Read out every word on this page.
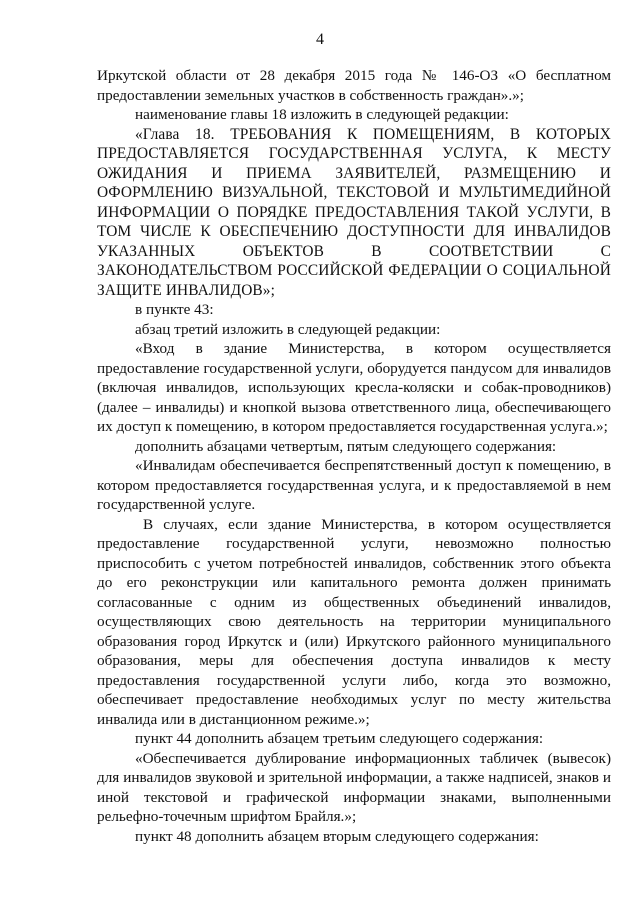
4

Иркутской области от 28 декабря 2015 года № 146-ОЗ «О бесплатном предоставлении земельных участков в собственность граждан».»;

наименование главы 18 изложить в следующей редакции:

«Глава 18. ТРЕБОВАНИЯ К ПОМЕЩЕНИЯМ, В КОТОРЫХ ПРЕДОСТАВЛЯЕТСЯ ГОСУДАРСТВЕННАЯ УСЛУГА, К МЕСТУ ОЖИДАНИЯ И ПРИЕМА ЗАЯВИТЕЛЕЙ, РАЗМЕЩЕНИЮ И ОФОРМЛЕНИЮ ВИЗУАЛЬНОЙ, ТЕКСТОВОЙ И МУЛЬТИМЕДИЙНОЙ ИНФОРМАЦИИ О ПОРЯДКЕ ПРЕДОСТАВЛЕНИЯ ТАКОЙ УСЛУГИ, В ТОМ ЧИСЛЕ К ОБЕСПЕЧЕНИЮ ДОСТУПНОСТИ ДЛЯ ИНВАЛИДОВ УКАЗАННЫХ ОБЪЕКТОВ В СООТВЕТСТВИИ С ЗАКОНОДАТЕЛЬСТВОМ РОССИЙСКОЙ ФЕДЕРАЦИИ О СОЦИАЛЬНОЙ ЗАЩИТЕ ИНВАЛИДОВ»;

в пункте 43:

абзац третий изложить в следующей редакции:

«Вход в здание Министерства, в котором осуществляется предоставление государственной услуги, оборудуется пандусом для инвалидов (включая инвалидов, использующих кресла-коляски и собак-проводников) (далее – инвалиды) и кнопкой вызова ответственного лица, обеспечивающего их доступ к помещению, в котором предоставляется государственная услуга.»;

дополнить абзацами четвертым, пятым следующего содержания:

«Инвалидам обеспечивается беспрепятственный доступ к помещению, в котором предоставляется государственная услуга, и к предоставляемой в нем государственной услуге.

В случаях, если здание Министерства, в котором осуществляется предоставление государственной услуги, невозможно полностью приспособить с учетом потребностей инвалидов, собственник этого объекта до его реконструкции или капитального ремонта должен принимать согласованные с одним из общественных объединений инвалидов, осуществляющих свою деятельность на территории муниципального образования город Иркутск и (или) Иркутского районного муниципального образования, меры для обеспечения доступа инвалидов к месту предоставления государственной услуги либо, когда это возможно, обеспечивает предоставление необходимых услуг по месту жительства инвалида или в дистанционном режиме.»;

пункт 44 дополнить абзацем третьим следующего содержания:

«Обеспечивается дублирование информационных табличек (вывесок) для инвалидов звуковой и зрительной информации, а также надписей, знаков и иной текстовой и графической информации знаками, выполненными рельефно-точечным шрифтом Брайля.»;

пункт 48 дополнить абзацем вторым следующего содержания:
